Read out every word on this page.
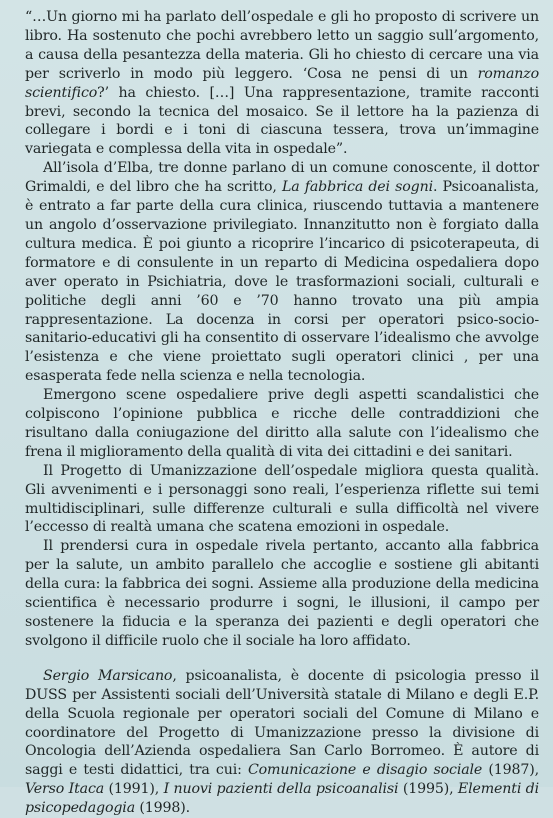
“…Un giorno mi ha parlato dell’ospedale e gli ho proposto di scrivere un libro. Ha sostenuto che pochi avrebbero letto un saggio sull’argomento, a causa della pesantezza della materia. Gli ho chiesto di cercare una via per scriverlo in modo più leggero. ‘Cosa ne pensi di un romanzo scientifico?’ ha chiesto. […] Una rappresentazione, tramite racconti brevi, secondo la tecnica del mosaico. Se il lettore ha la pazienza di collegare i bordi e i toni di ciascuna tessera, trova un’immagine variegata e complessa della vita in ospedale”.

All’isola d’Elba, tre donne parlano di un comune conoscente, il dottor Grimaldi, e del libro che ha scritto, La fabbrica dei sogni. Psicoanalista, è entrato a far parte della cura clinica, riuscendo tuttavia a mantenere un angolo d’osservazione privilegiato. Innanzitutto non è forgiato dalla cultura medica. È poi giunto a ricoprire l’incarico di psicoterapeuta, di formatore e di consulente in un reparto di Medicina ospedaliera dopo aver operato in Psichiatria, dove le trasformazioni sociali, culturali e politiche degli anni ’60 e ’70 hanno trovato una più ampia rappresentazione. La docenza in corsi per operatori psico-socio-sanitario-educativi gli ha consentito di osservare l’idealismo che avvolge l’esistenza e che viene proiettato sugli operatori clinici , per una esasperata fede nella scienza e nella tecnologia.

Emergono scene ospedaliere prive degli aspetti scandalistici che colpiscono l’opinione pubblica e ricche delle contraddizioni che risultano dalla coniugazione del diritto alla salute con l’idealismo che frena il miglioramento della qualità di vita dei cittadini e dei sanitari.

Il Progetto di Umanizzazione dell’ospedale migliora questa qualità. Gli avvenimenti e i personaggi sono reali, l’esperienza riflette sui temi multidisciplinari, sulle differenze culturali e sulla difficoltà nel vivere l’eccesso di realtà umana che scatena emozioni in ospedale.

Il prendersi cura in ospedale rivela pertanto, accanto alla fabbrica per la salute, un ambito parallelo che accoglie e sostiene gli abitanti della cura: la fabbrica dei sogni. Assieme alla produzione della medicina scientifica è necessario produrre i sogni, le illusioni, il campo per sostenere la fiducia e la speranza dei pazienti e degli operatori che svolgono il difficile ruolo che il sociale ha loro affidato.

Sergio Marsicano, psicoanalista, è docente di psicologia presso il DUSS per Assistenti sociali dell’Università statale di Milano e degli E.P. della Scuola regionale per operatori sociali del Comune di Milano e coordinatore del Progetto di Umanizzazione presso la divisione di Oncologia dell’Azienda ospedaliera San Carlo Borromeo. È autore di saggi e testi didattici, tra cui: Comunicazione e disagio sociale (1987), Verso Itaca (1991), I nuovi pazienti della psicoanalisi (1995), Elementi di psicopedagogia (1998).
